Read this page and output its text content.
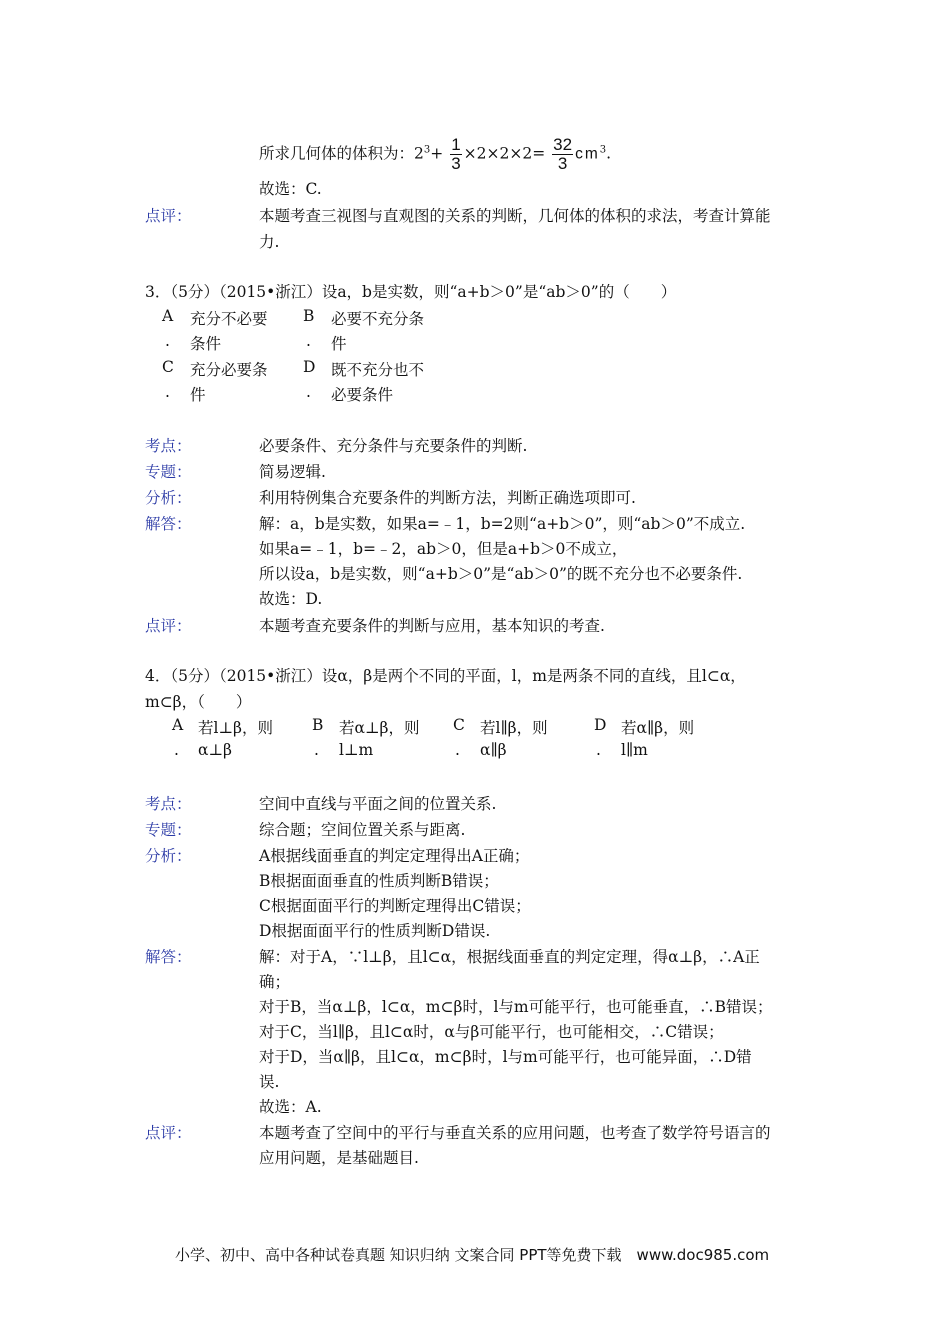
所求几何体的体积为：$2^3+ \frac{1}{3} \times 2\times 2\times 2= \frac{32}{3} cm^3$.
故选：C.
点评：	本题考查三视图与直观图的关系的判断，几何体的体积的求法，考查计算能
力.
3．（5分）（2015•浙江）设a，b是实数，则“a+b＞0”是“ab＞0”的（　　）
A 充分不必要
. 条件
B 必要不充分条
. 件
C 充分必要条
. 件
D 既不充分也不
. 必要条件
考点：	必要条件、充分条件与充要条件的判断.
专题：	简易逻辑.
分析：	利用特例集合充要条件的判断方法，判断正确选项即可.
解答：	解：a，b是实数，如果a=﹣1，b=2则“a+b＞0”，则“ab＞0”不成立.
如果a=﹣1，b=﹣2，ab＞0，但是a+b＞0不成立，
所以设a，b是实数，则“a+b＞0”是“ab＞0”的既不充分也不必要条件.
故选：D.
点评：	本题考查充要条件的判断与应用，基本知识的考查.
4．（5分）（2015•浙江）设α，β是两个不同的平面，l，m是两条不同的直线，且l⊂α，
m⊂β，（　　）
A 若l⊥β，则
. α⊥β
B 若α⊥β，则
. l⊥m
C 若l∥β，则
. α∥β
D 若α∥β，则
. l∥m
考点：	空间中直线与平面之间的位置关系.
专题：	综合题；空间位置关系与距离.
分析：	A根据线面垂直的判定定理得出A正确；
B根据面面垂直的性质判断B错误；
C根据面面平行的判断定理得出C错误；
D根据面面平行的性质判断D错误.
解答：	解：对于A，∵l⊥β，且l⊂α，根据线面垂直的判定定理，得α⊥β，∴A正
确；
对于B，当α⊥β，l⊂α，m⊂β时，l与m可能平行，也可能垂直，∴B错误；
对于C，当l∥β，且l⊂α时，α与β可能平行，也可能相交，∴C错误；
对于D，当α∥β，且l⊂α，m⊂β时，l与m可能平行，也可能异面，∴D错
误.
故选：A.
点评：	本题考查了空间中的平行与垂直关系的应用问题，也考查了数学符号语言的
应用问题，是基础题目.
小学、初中、高中各种试卷真题 知识归纳 文案合同 PPT等免费下载　www.doc985.com
